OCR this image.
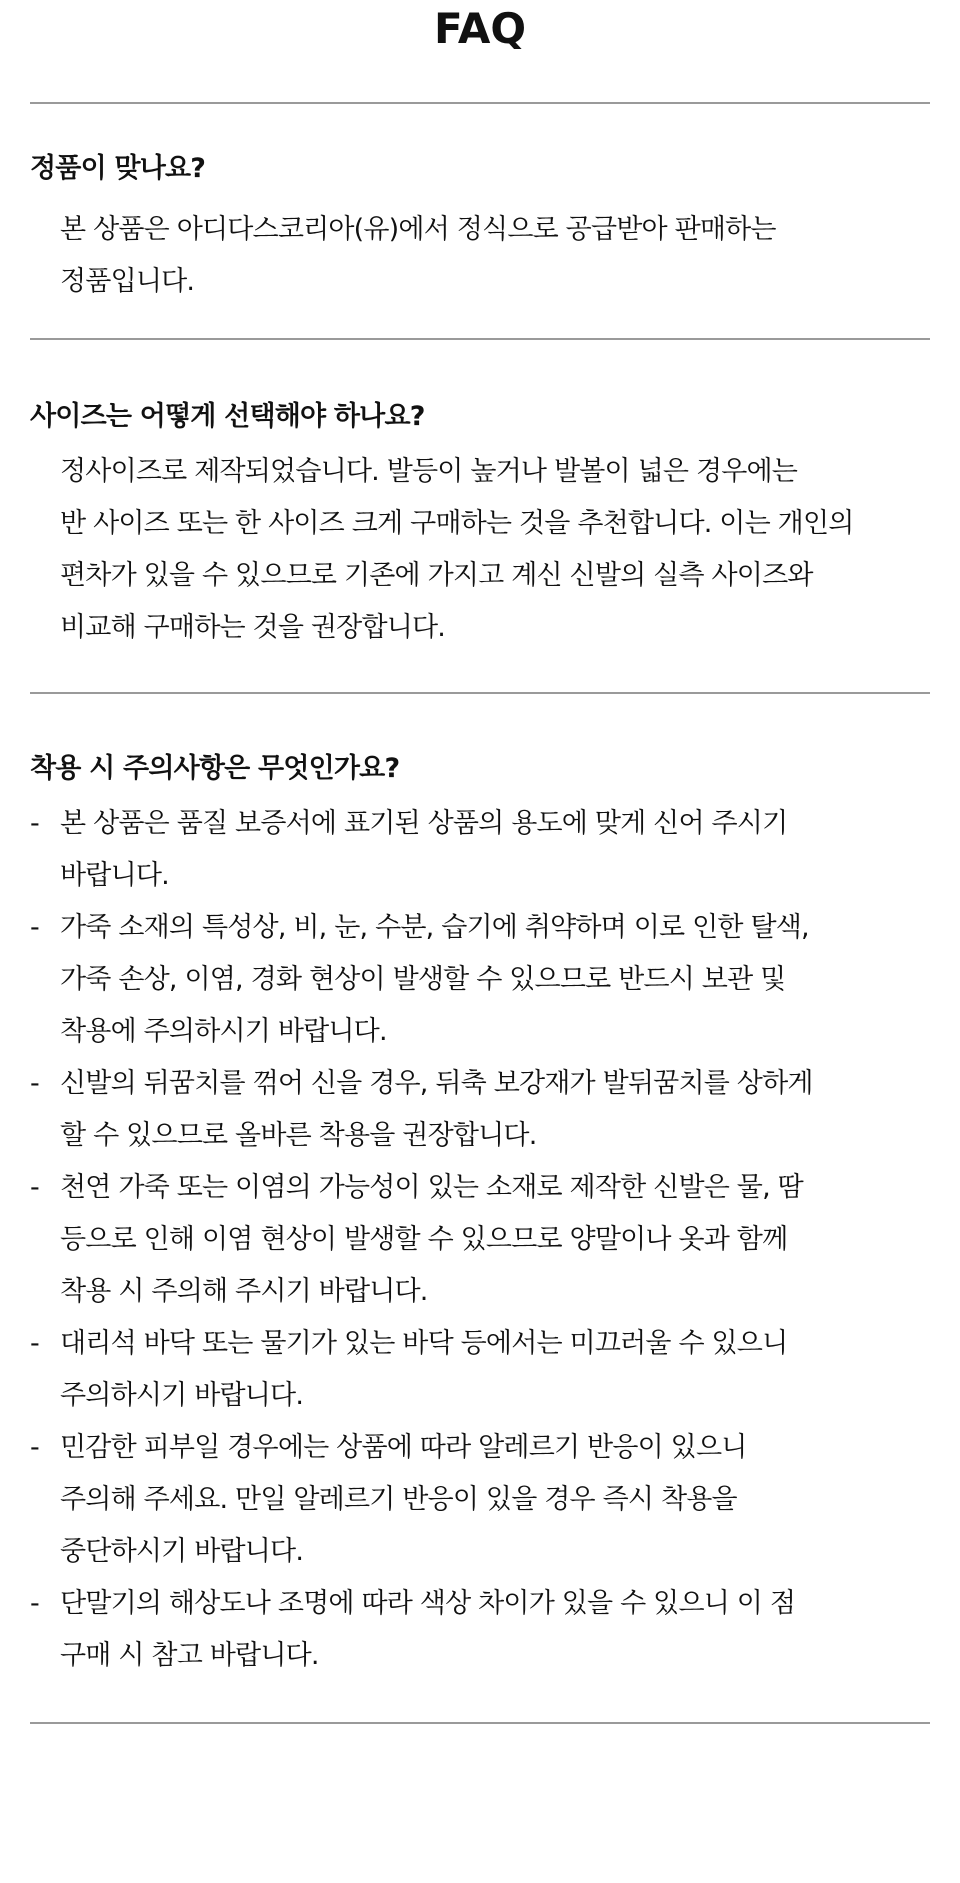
FAQ
정품이 맞나요?

본 상품은 아디다스코리아(유)에서 정식으로 공급받아 판매하는
정품입니다.

사이즈는 어떻게 선택해야 하나요?

정사이즈로 제작되었습니다. 발등이 높거나 발볼이 넓은 경우에는
반 사이즈 또는 한 사이즈 크게 구매하는 것을 추천합니다. 이는 개인의
편차가 있을 수 있으므로 기존에 가지고 계신 신발의 실측 사이즈와
비교해 구매하는 것을 권장합니다.

착용 시 주의사항은 무엇인가요?
- 본 상품은 품질 보증서에 표기된 상품의 용도에 맞게 신어 주시기
바랍니다.
- 가죽 소재의 특성상, 비, 눈, 수분, 습기에 취약하며 이로 인한 탈색,
가죽 손상, 이염, 경화 현상이 발생할 수 있으므로 반드시 보관 및
착용에 주의하시기 바랍니다.
- 신발의 뒤꿈치를 꺾어 신을 경우, 뒤축 보강재가 발뒤꿈치를 상하게
할 수 있으므로 올바른 착용을 권장합니다.
- 천연 가죽 또는 이염의 가능성이 있는 소재로 제작한 신발은 물, 땀
등으로 인해 이염 현상이 발생할 수 있으므로 양말이나 옷과 함께
착용 시 주의해 주시기 바랍니다.
- 대리석 바닥 또는 물기가 있는 바닥 등에서는 미끄러울 수 있으니
주의하시기 바랍니다.
- 민감한 피부일 경우에는 상품에 따라 알레르기 반응이 있으니
주의해 주세요. 만일 알레르기 반응이 있을 경우 즉시 착용을
중단하시기 바랍니다.
- 단말기의 해상도나 조명에 따라 색상 차이가 있을 수 있으니 이 점
구매 시 참고 바랍니다.
